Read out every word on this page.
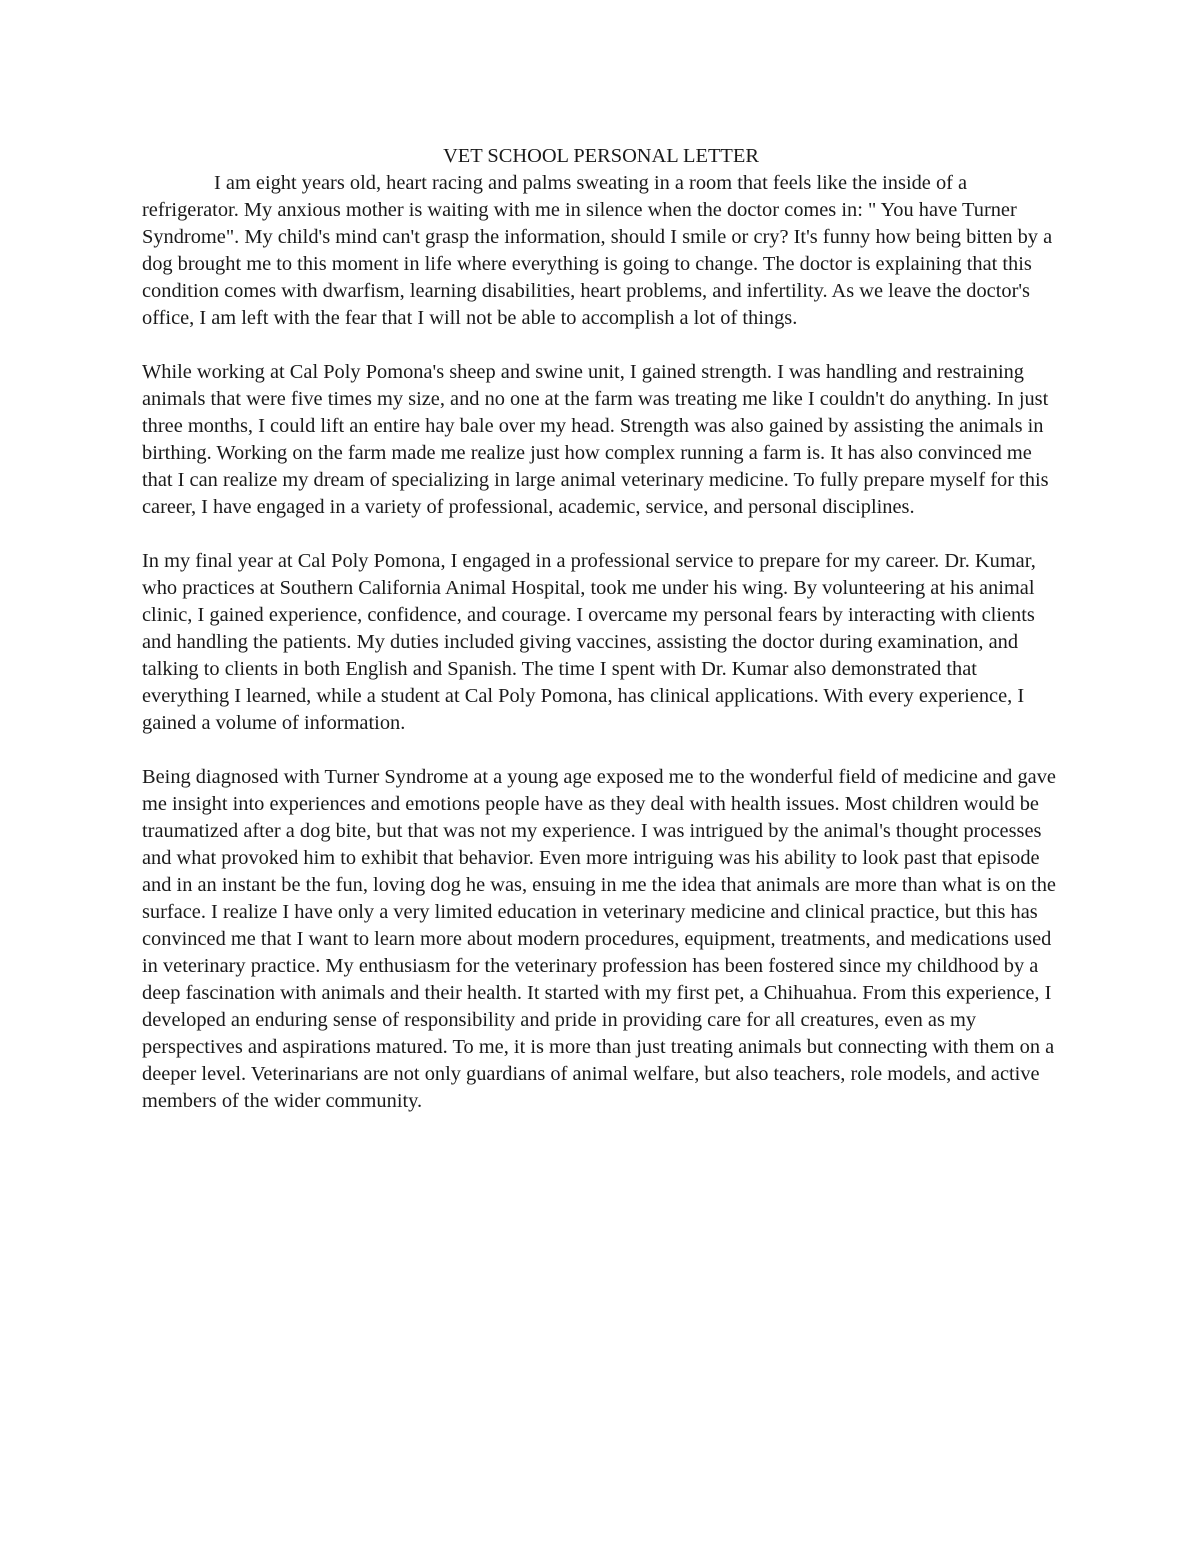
VET SCHOOL PERSONAL LETTER

I am eight years old, heart racing and palms sweating in a room that feels like the inside of a refrigerator. My anxious mother is waiting with me in silence when the doctor comes in: " You have Turner Syndrome". My child's mind can't grasp the information, should I smile or cry? It's funny how being bitten by a dog brought me to this moment in life where everything is going to change. The doctor is explaining that this condition comes with dwarfism, learning disabilities, heart problems, and infertility. As we leave the doctor's office, I am left with the fear that I will not be able to accomplish a lot of things.

While working at Cal Poly Pomona's sheep and swine unit, I gained strength. I was handling and restraining animals that were five times my size, and no one at the farm was treating me like I couldn't do anything. In just three months, I could lift an entire hay bale over my head. Strength was also gained by assisting the animals in birthing. Working on the farm made me realize just how complex running a farm is. It has also convinced me that I can realize my dream of specializing in large animal veterinary medicine. To fully prepare myself for this career, I have engaged in a variety of professional, academic, service, and personal disciplines.

In my final year at Cal Poly Pomona, I engaged in a professional service to prepare for my career. Dr. Kumar, who practices at Southern California Animal Hospital, took me under his wing. By volunteering at his animal clinic, I gained experience, confidence, and courage. I overcame my personal fears by interacting with clients and handling the patients. My duties included giving vaccines, assisting the doctor during examination, and talking to clients in both English and Spanish. The time I spent with Dr. Kumar also demonstrated that everything I learned, while a student at Cal Poly Pomona, has clinical applications. With every experience, I gained a volume of information.

Being diagnosed with Turner Syndrome at a young age exposed me to the wonderful field of medicine and gave me insight into experiences and emotions people have as they deal with health issues. Most children would be traumatized after a dog bite, but that was not my experience. I was intrigued by the animal's thought processes and what provoked him to exhibit that behavior. Even more intriguing was his ability to look past that episode and in an instant be the fun, loving dog he was, ensuing in me the idea that animals are more than what is on the surface. I realize I have only a very limited education in veterinary medicine and clinical practice, but this has convinced me that I want to learn more about modern procedures, equipment, treatments, and medications used in veterinary practice. My enthusiasm for the veterinary profession has been fostered since my childhood by a deep fascination with animals and their health. It started with my first pet, a Chihuahua. From this experience, I developed an enduring sense of responsibility and pride in providing care for all creatures, even as my perspectives and aspirations matured. To me, it is more than just treating animals but connecting with them on a deeper level. Veterinarians are not only guardians of animal welfare, but also teachers, role models, and active members of the wider community.
